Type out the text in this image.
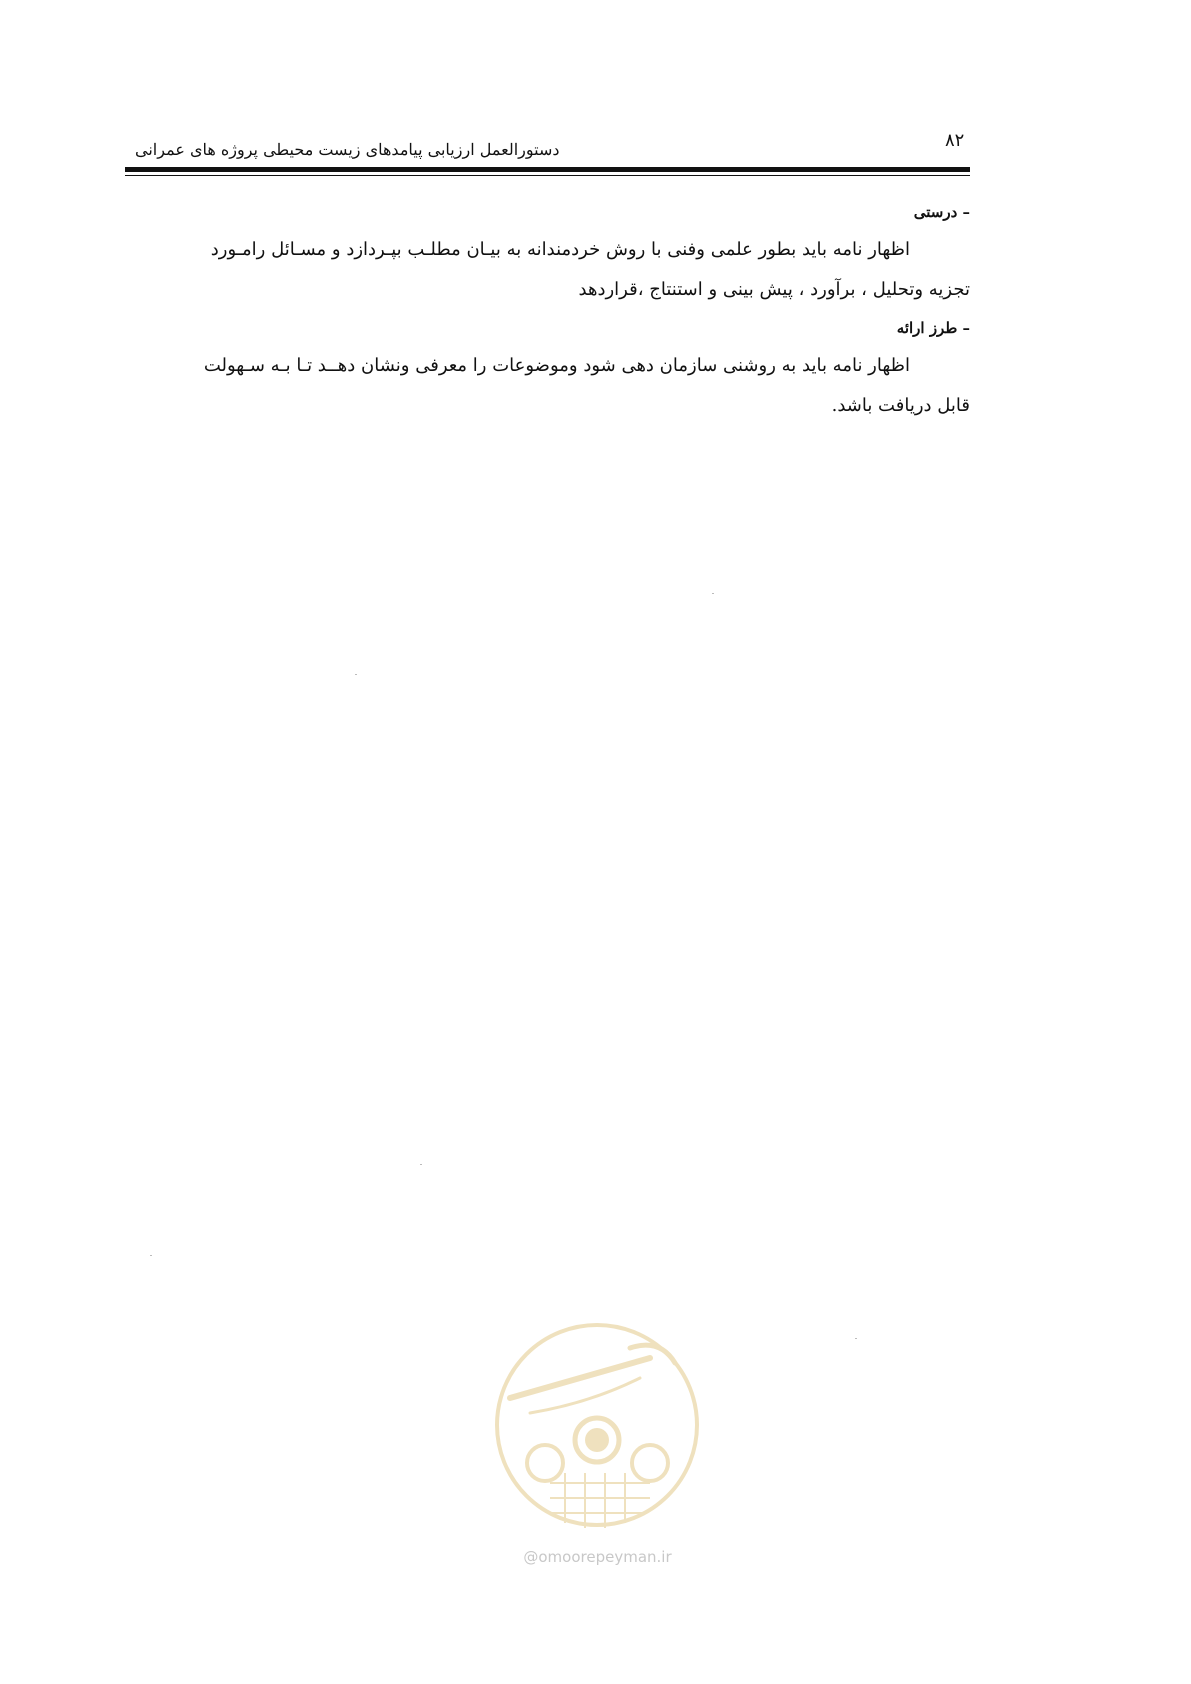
۸۲
دستورالعمل ارزیابی پیامدهای زیست محیطی پروژه های عمرانی
– درستی

اظهار نامه باید بطور علمی وفنی با روش خردمندانه به بیـان مطلـب بپـردازد و مسـائل رامـورد
تجزیه وتحلیل ، برآورد ، پیش بینی و استنتاج ،قراردهد

– طرز ارائه

اظهار نامه باید به روشنی سازمان دهی شود وموضوعات را معرفی ونشان دهــد تـا بـه سـهولت
قابل دریافت باشد.

@omoorepeyman.ir
